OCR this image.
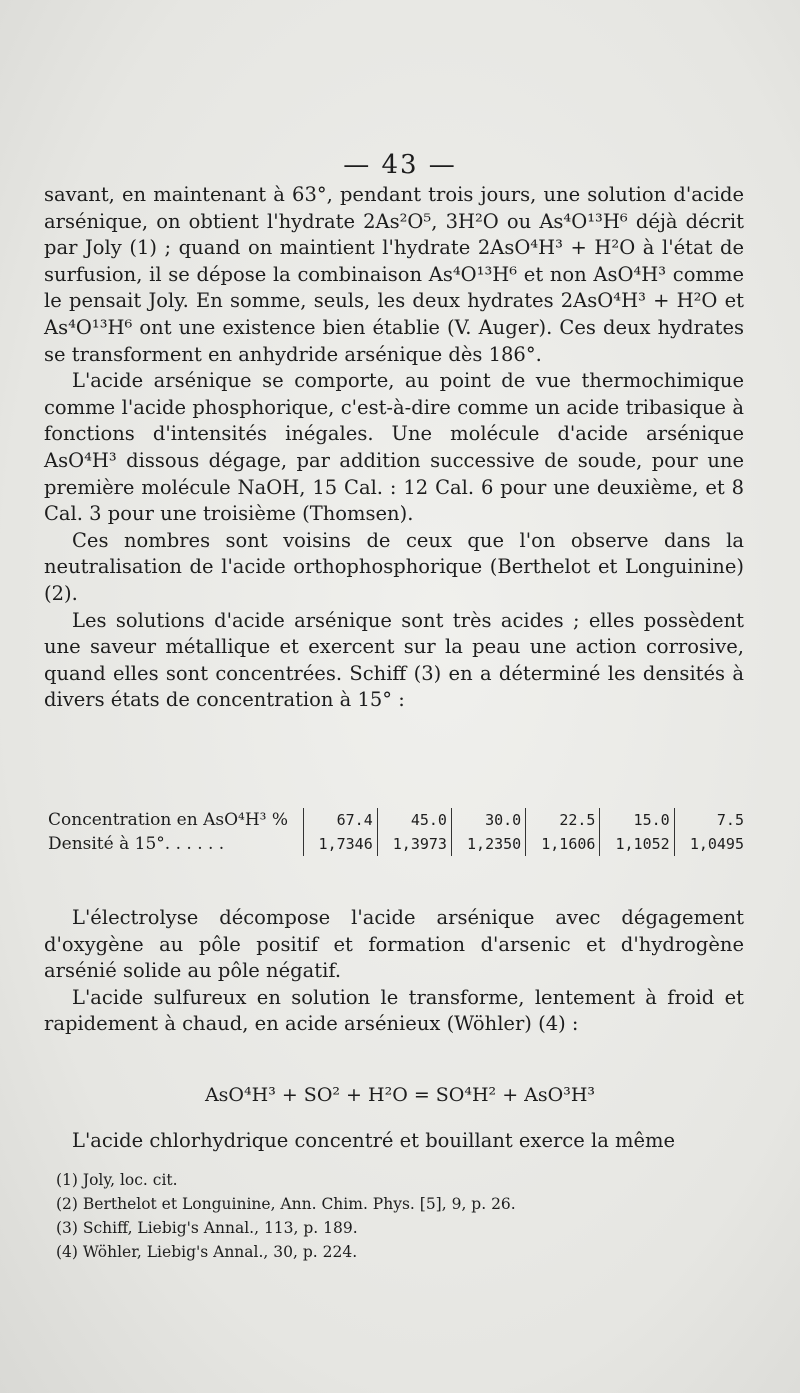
— 43 —

savant, en maintenant à 63°, pendant trois jours, une solution d'acide arsénique, on obtient l'hydrate 2As²O⁵, 3H²O ou As⁴O¹³H⁶ déjà décrit par Joly (1) ; quand on maintient l'hydrate 2AsO⁴H³ + H²O à l'état de surfusion, il se dépose la combinaison As⁴O¹³H⁶ et non AsO⁴H³ comme le pensait Joly. En somme, seuls, les deux hydrates 2AsO⁴H³ + H²O et As⁴O¹³H⁶ ont une existence bien établie (V. Auger). Ces deux hydrates se transforment en anhydride arsénique dès 186°.

L'acide arsénique se comporte, au point de vue thermochimique comme l'acide phosphorique, c'est-à-dire comme un acide tribasique à fonctions d'intensités inégales. Une molécule d'acide arsénique AsO⁴H³ dissous dégage, par addition successive de soude, pour une première molécule NaOH, 15 Cal. : 12 Cal. 6 pour une deuxième, et 8 Cal. 3 pour une troisième (Thomsen).

Ces nombres sont voisins de ceux que l'on observe dans la neutralisation de l'acide orthophosphorique (Berthelot et Longuinine) (2).

Les solutions d'acide arsénique sont très acides ; elles possèdent une saveur métallique et exercent sur la peau une action corrosive, quand elles sont concentrées. Schiff (3) en a déterminé les densités à divers états de concentration à 15° :

Concentration en AsO⁴H³ %	67.4	45.0	30.0	22.5	15.0	7.5
Densité à 15°. . . . . .	1,7346	1,3973	1,2350	1,1606	1,1052	1,0495

L'électrolyse décompose l'acide arsénique avec dégagement d'oxygène au pôle positif et formation d'arsenic et d'hydrogène arsénié solide au pôle négatif.

L'acide sulfureux en solution le transforme, lentement à froid et rapidement à chaud, en acide arsénieux (Wöhler) (4) :

AsO⁴H³ + SO² + H²O = SO⁴H² + AsO³H³

L'acide chlorhydrique concentré et bouillant exerce la même

(1) Joly, loc. cit.
(2) Berthelot et Longuinine, Ann. Chim. Phys. [5], 9, p. 26.
(3) Schiff, Liebig's Annal., 113, p. 189.
(4) Wöhler, Liebig's Annal., 30, p. 224.
